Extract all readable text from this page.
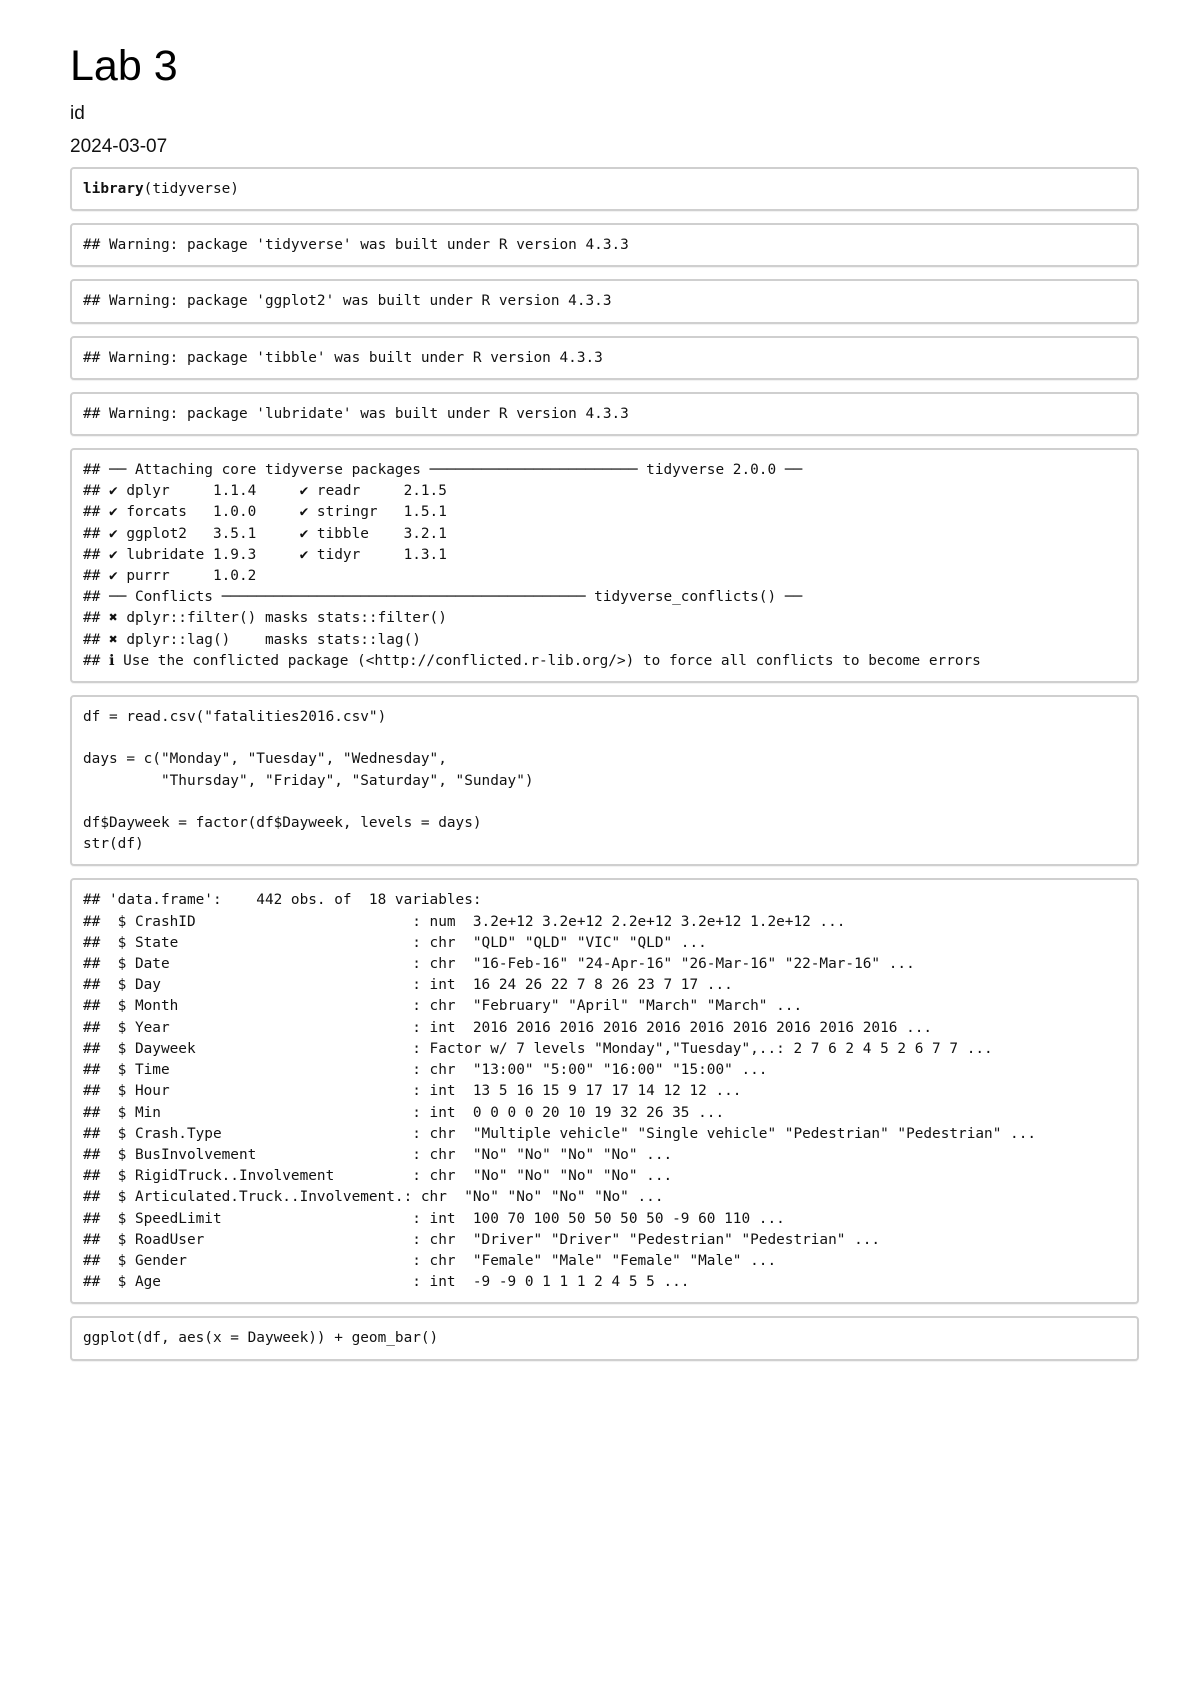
Lab 3

id

2024-03-07

library(tidyverse)
## Warning: package 'tidyverse' was built under R version 4.3.3
## Warning: package 'ggplot2' was built under R version 4.3.3
## Warning: package 'tibble' was built under R version 4.3.3
## Warning: package 'lubridate' was built under R version 4.3.3
## ── Attaching core tidyverse packages ──────────────────────── tidyverse 2.0.0 ──
## ✔ dplyr     1.1.4     ✔ readr     2.1.5
## ✔ forcats   1.0.0     ✔ stringr   1.5.1
## ✔ ggplot2   3.5.1     ✔ tibble    3.2.1
## ✔ lubridate 1.9.3     ✔ tidyr     1.3.1
## ✔ purrr     1.0.2
## ── Conflicts ────────────────────────────────────────── tidyverse_conflicts() ──
## ✖ dplyr::filter() masks stats::filter()
## ✖ dplyr::lag()    masks stats::lag()
## ℹ Use the conflicted package (<http://conflicted.r-lib.org/>) to force all conflicts to become errors
df = read.csv("fatalities2016.csv")

days = c("Monday", "Tuesday", "Wednesday",
"Thursday", "Friday", "Saturday", "Sunday")

df$Dayweek = factor(df$Dayweek, levels = days)
str(df)
## 'data.frame':    442 obs. of  18 variables:
##  $ CrashID                         : num  3.2e+12 3.2e+12 2.2e+12 3.2e+12 1.2e+12 ...
##  $ State                           : chr  "QLD" "QLD" "VIC" "QLD" ...
##  $ Date                            : chr  "16-Feb-16" "24-Apr-16" "26-Mar-16" "22-Mar-16" ...
##  $ Day                             : int  16 24 26 22 7 8 26 23 7 17 ...
##  $ Month                           : chr  "February" "April" "March" "March" ...
##  $ Year                            : int  2016 2016 2016 2016 2016 2016 2016 2016 2016 2016 ...
##  $ Dayweek                         : Factor w/ 7 levels "Monday","Tuesday",..: 2 7 6 2 4 5 2 6 7 7 ...
##  $ Time                            : chr  "13:00" "5:00" "16:00" "15:00" ...
##  $ Hour                            : int  13 5 16 15 9 17 17 14 12 12 ...
##  $ Min                             : int  0 0 0 0 20 10 19 32 26 35 ...
##  $ Crash.Type                      : chr  "Multiple vehicle" "Single vehicle" "Pedestrian" "Pedestrian" ...
##  $ BusInvolvement                  : chr  "No" "No" "No" "No" ...
##  $ RigidTruck..Involvement         : chr  "No" "No" "No" "No" ...
##  $ Articulated.Truck..Involvement.: chr  "No" "No" "No" "No" ...
##  $ SpeedLimit                      : int  100 70 100 50 50 50 50 -9 60 110 ...
##  $ RoadUser                        : chr  "Driver" "Driver" "Pedestrian" "Pedestrian" ...
##  $ Gender                          : chr  "Female" "Male" "Female" "Male" ...
##  $ Age                             : int  -9 -9 0 1 1 1 2 4 5 5 ...
ggplot(df, aes(x = Dayweek)) + geom_bar()
